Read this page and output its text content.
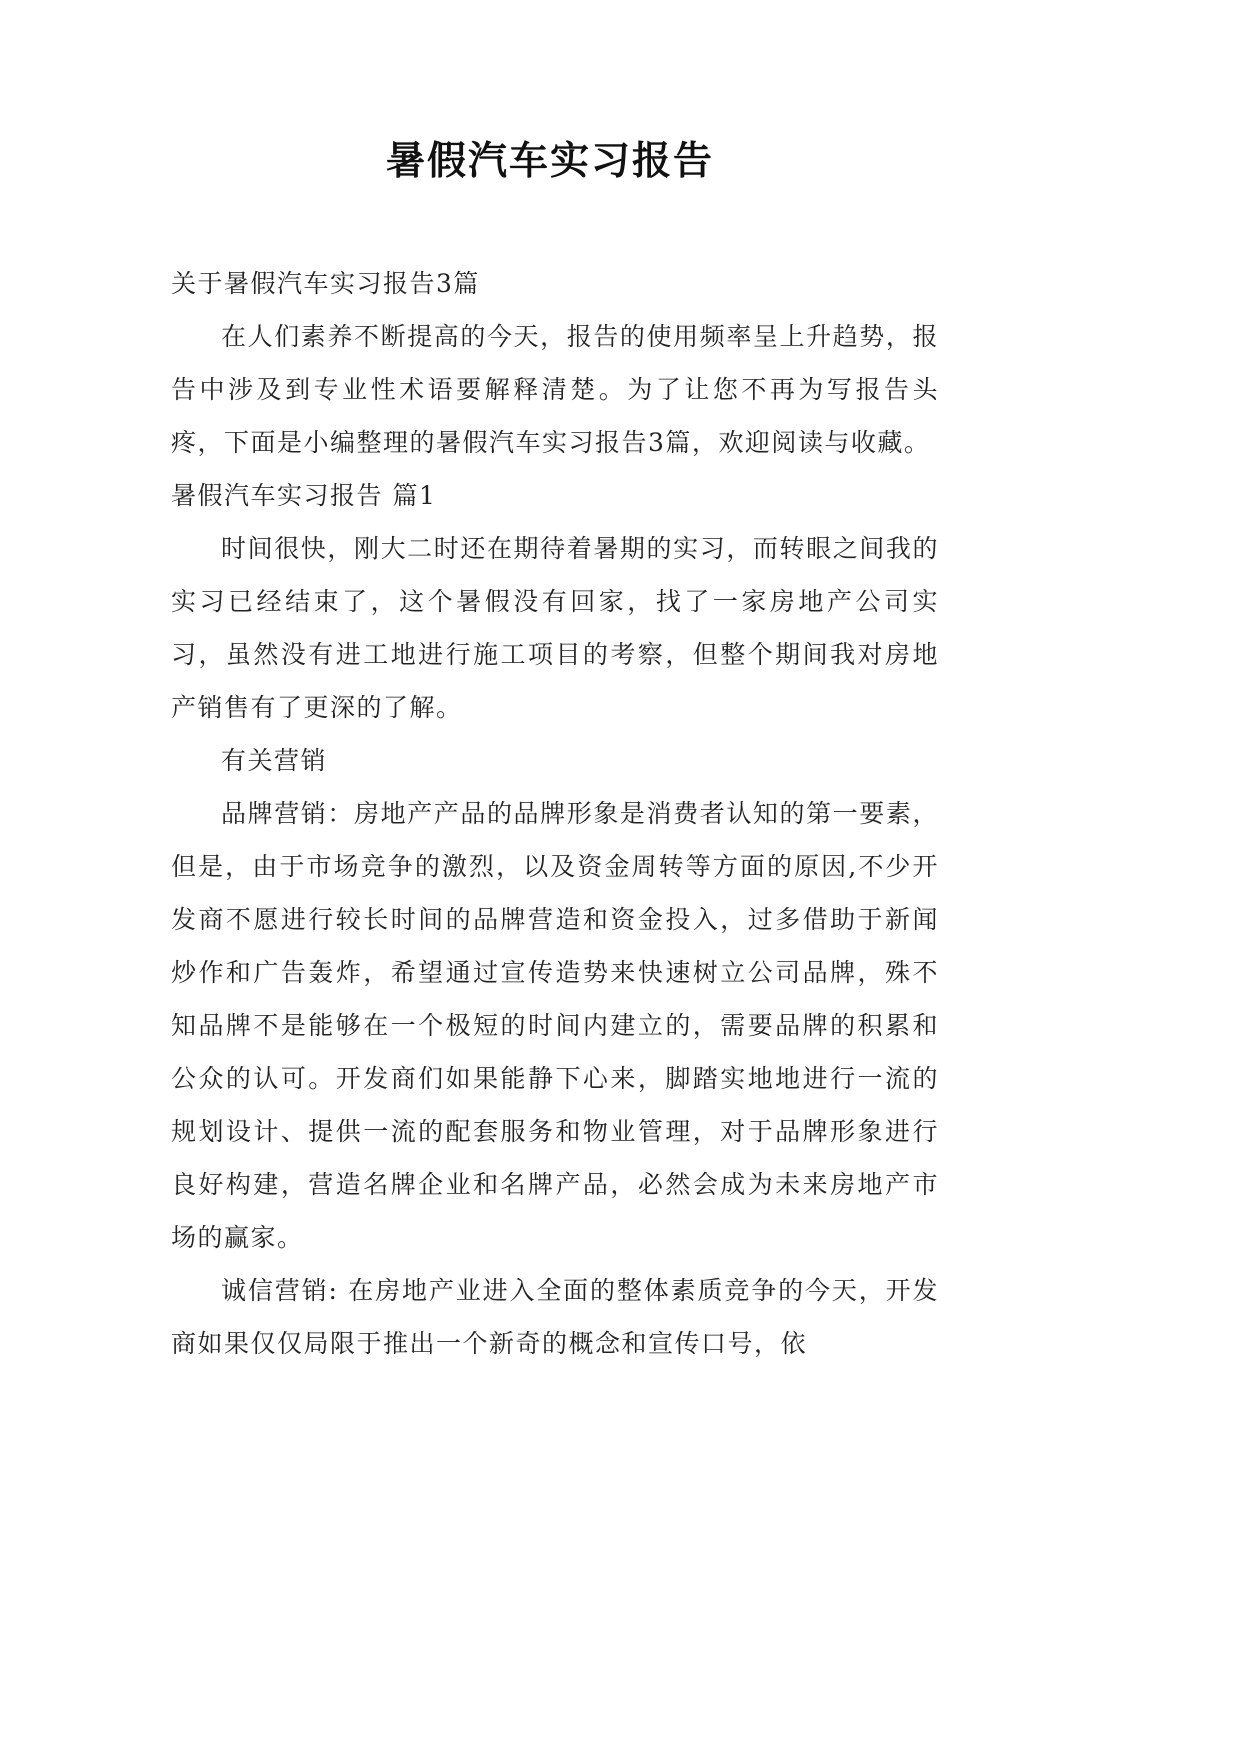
暑假汽车实习报告

关于暑假汽车实习报告3篇

在人们素养不断提高的今天，报告的使用频率呈上升趋势，报告中涉及到专业性术语要解释清楚。为了让您不再为写报告头疼，下面是小编整理的暑假汽车实习报告3篇，欢迎阅读与收藏。

暑假汽车实习报告 篇1

时间很快，刚大二时还在期待着暑期的实习，而转眼之间我的实习已经结束了，这个暑假没有回家，找了一家房地产公司实习，虽然没有进工地进行施工项目的考察，但整个期间我对房地产销售有了更深的了解。

有关营销

品牌营销：房地产产品的品牌形象是消费者认知的第一要素，但是，由于市场竞争的激烈，以及资金周转等方面的原因,不少开发商不愿进行较长时间的品牌营造和资金投入，过多借助于新闻炒作和广告轰炸，希望通过宣传造势来快速树立公司品牌，殊不知品牌不是能够在一个极短的时间内建立的，需要品牌的积累和公众的认可。开发商们如果能静下心来，脚踏实地地进行一流的规划设计、提供一流的配套服务和物业管理，对于品牌形象进行良好构建，营造名牌企业和名牌产品，必然会成为未来房地产市场的赢家。

诚信营销: 在房地产业进入全面的整体素质竞争的今天，开发商如果仅仅局限于推出一个新奇的概念和宣传口号，依
